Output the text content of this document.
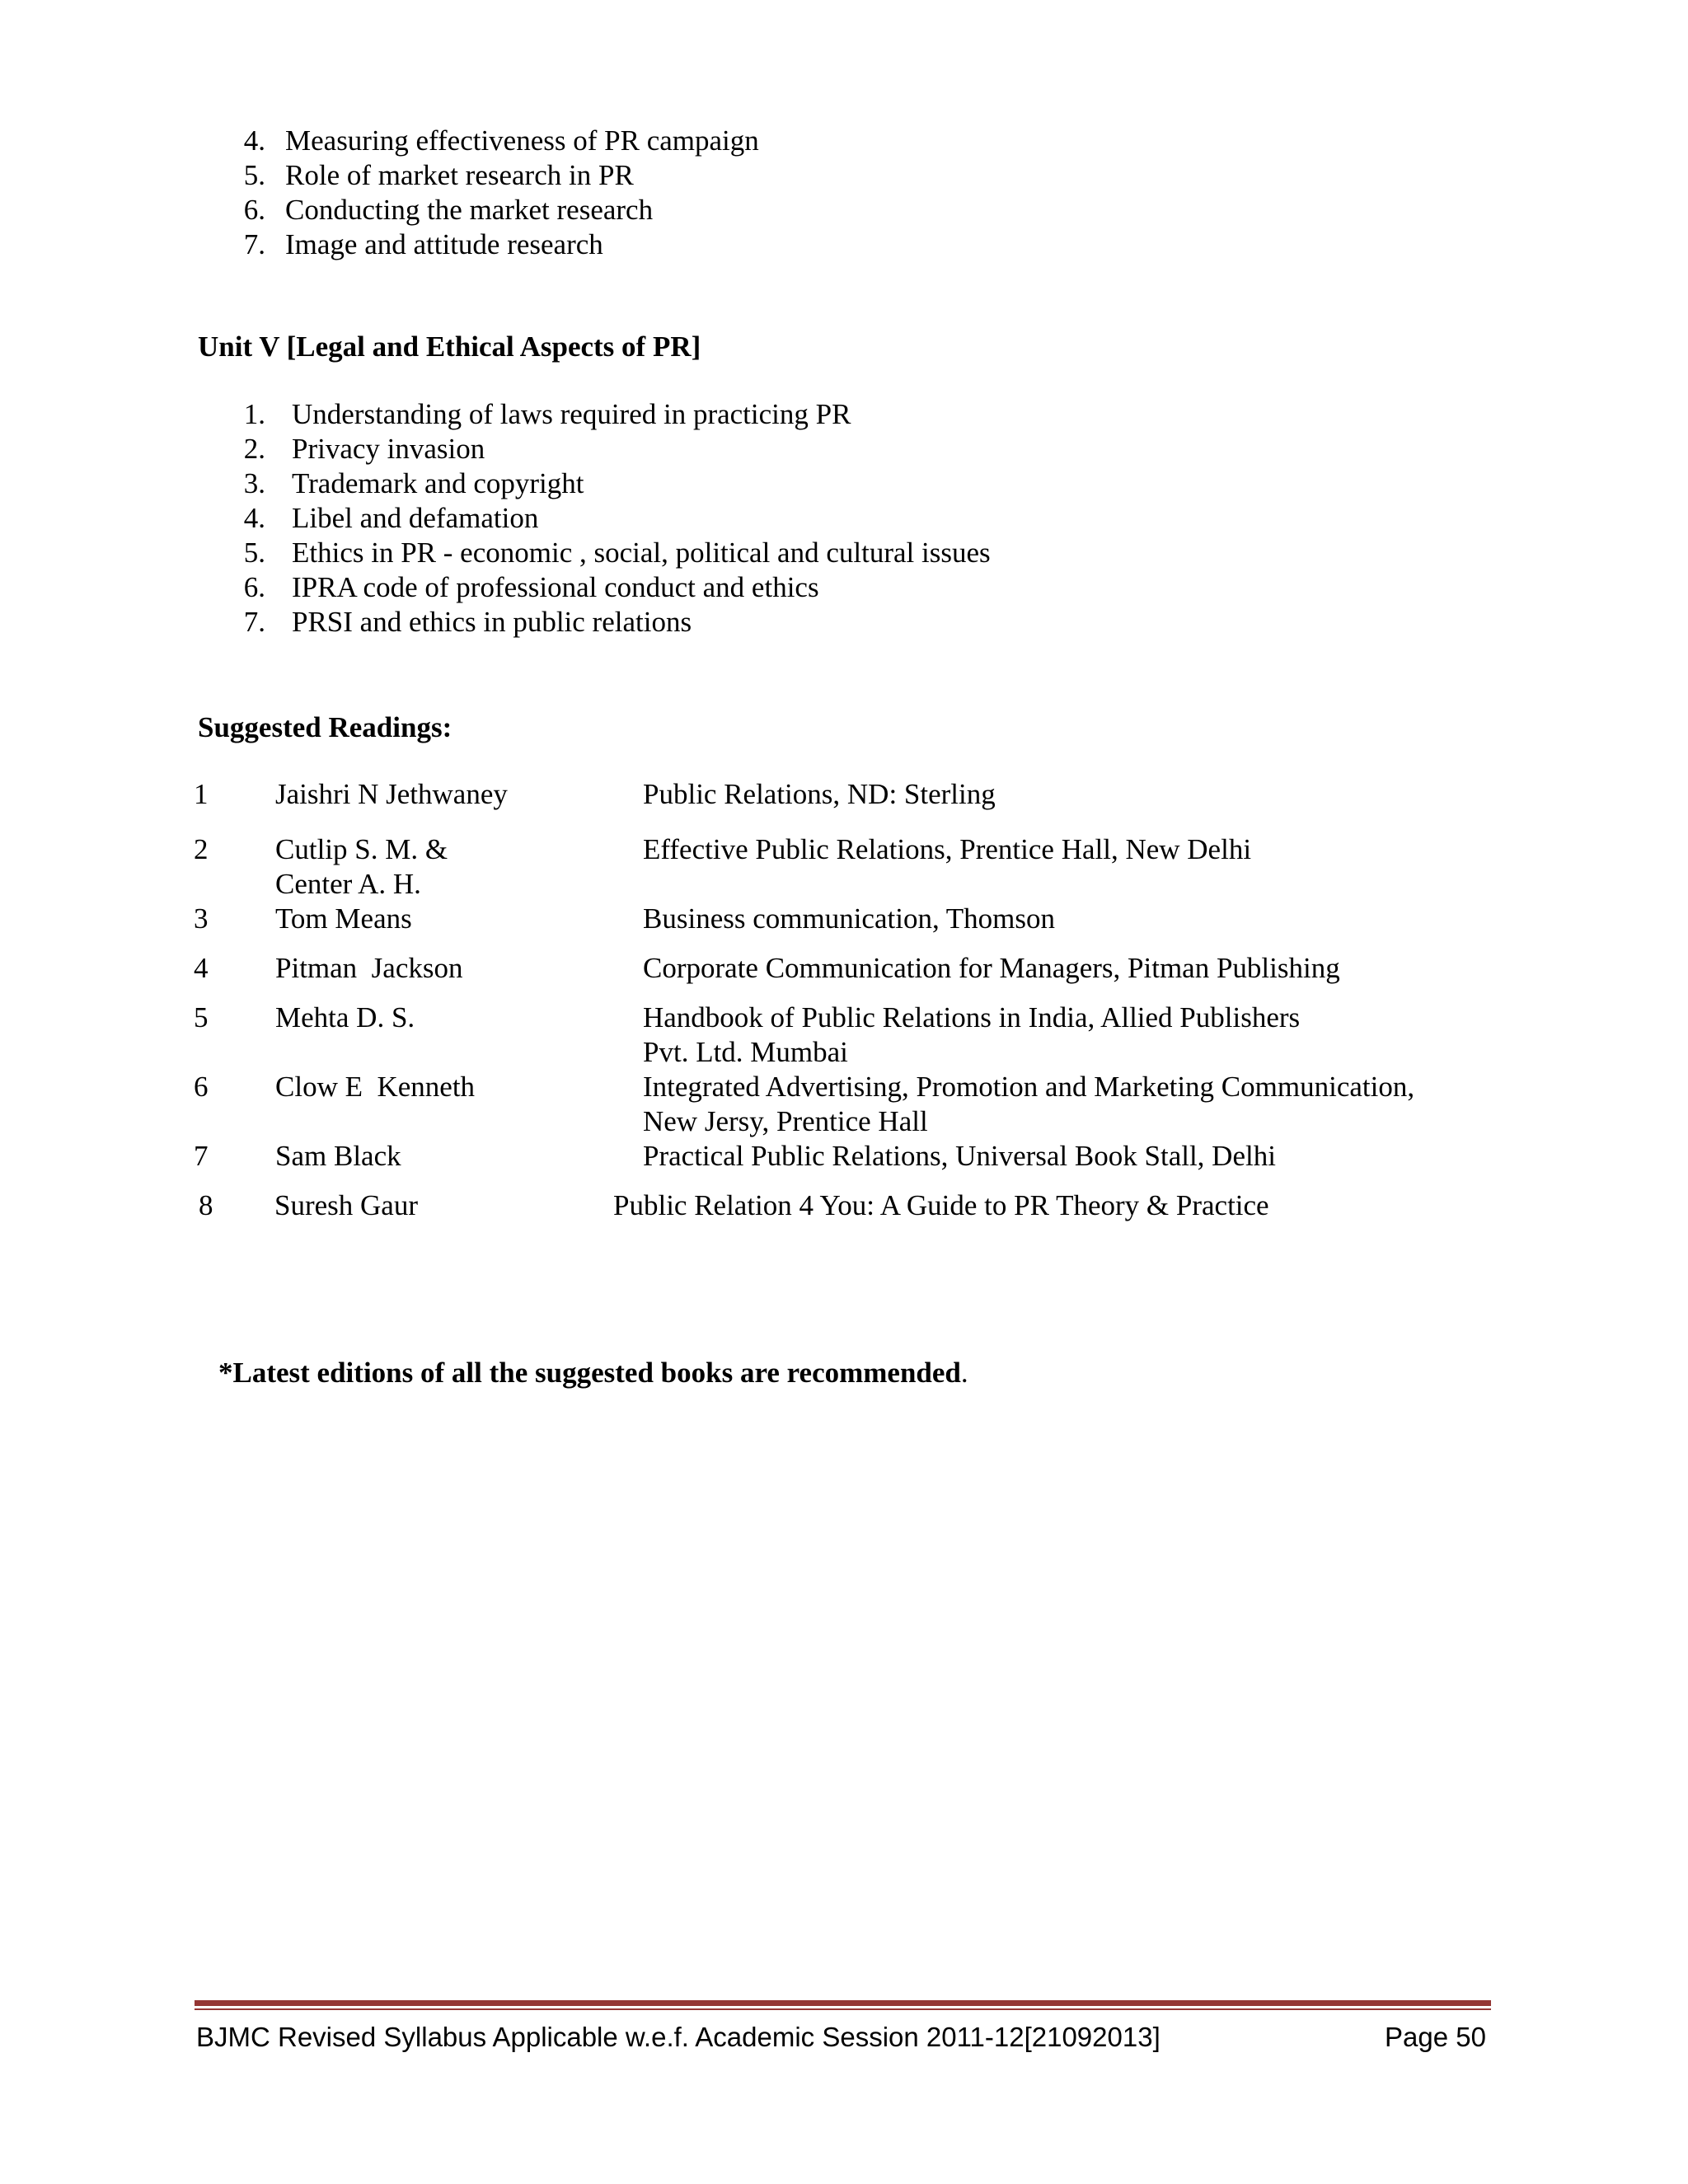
4. Measuring effectiveness of PR campaign
5. Role of market research in PR
6. Conducting the market research
7. Image and attitude research
Unit V [Legal and Ethical Aspects of PR]
1. Understanding of laws required in practicing PR
2. Privacy invasion
3. Trademark and copyright
4. Libel and defamation
5. Ethics in PR - economic , social, political and cultural issues
6. IPRA code of professional conduct and ethics
7. PRSI and ethics in public relations
Suggested Readings:
1 Jaishri N Jethwaney	Public Relations, ND: Sterling
2 Cutlip S. M. &	Effective Public Relations, Prentice Hall, New Delhi
Center A. H.
3 Tom Means	Business communication, Thomson
4 Pitman  Jackson	Corporate Communication for Managers, Pitman Publishing
5 Mehta D. S.	Handbook of Public Relations in India, Allied Publishers
Pvt. Ltd. Mumbai
6 Clow E  Kenneth	Integrated Advertising, Promotion and Marketing Communication,
New Jersy, Prentice Hall
7 Sam Black	Practical Public Relations, Universal Book Stall, Delhi
8 Suresh Gaur	Public Relation 4 You: A Guide to PR Theory & Practice
*Latest editions of all the suggested books are recommended.
BJMC Revised Syllabus Applicable w.e.f. Academic Session 2011-12[21092013]	Page 50
